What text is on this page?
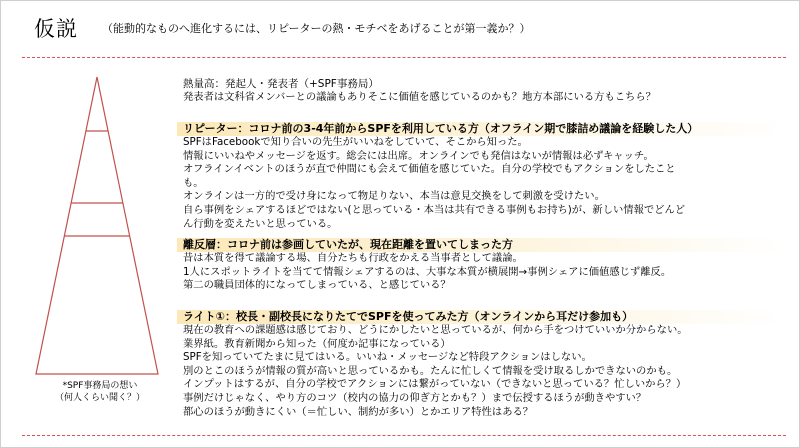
仮説 （能動的なものへ進化するには、リピーターの熱・モチベをあげることが第一義か？）
*SPF事務局の想い
（何人くらい聞く？）
熱量高：発起人・発表者（+SPF事務局）
発表者は文科省メンバーとの議論もありそこに価値を感じているのかも？地方本部にいる方もこちら？
リピーター：コロナ前の3-4年前からSPFを利用している方（オフライン期で膝詰め議論を経験した人）
SPFはFacebookで知り合いの先生がいいねをしていて、そこから知った。
情報にいいねやメッセージを返す。総会には出席。オンラインでも発信はないが情報は必ずキャッチ。
オフラインイベントのほうが直で仲間にも会えて価値を感じていた。自分の学校でもアクションをしたこと
も。
オンラインは一方的で受け身になって物足りない、本当は意見交換をして刺激を受けたい。
自ら事例をシェアするほどではない(と思っている・本当は共有できる事例もお持ち)が、新しい情報でどんど
ん行動を変えたいと思っている。
離反層：コロナ前は参画していたが、現在距離を置いてしまった方
昔は本質を得て議論する場、自分たちも行政をかえる当事者として議論。
1人にスポットライトを当てて情報シェアするのは、大事な本質が横展開→事例シェアに価値感じず離反。
第二の職員団体的になってしまっている、と感じている？
ライト①：校長・副校長になりたてでSPFを使ってみた方（オンラインから耳だけ参加も）
現在の教育への課題感は感じており、どうにかしたいと思っているが、何から手をつけていいか分からない。
業界紙。教育新聞から知った（何度か記事になっている）
SPFを知っていてたまに見てはいる。いいね・メッセージなど特段アクションはしない。
別のとこのほうが情報の質が高いと思っているかも。たんに忙しくて情報を受け取るしかできないのかも。
インプットはするが、自分の学校でアクションには繋がっていない（できないと思っている？忙しいから？）
事例だけじゃなく、やり方のコツ（校内の協力の仰ぎ方とかも？）まで伝授するほうが動きやすい？
都心のほうが動きにくい（＝忙しい、制約が多い）とかエリア特性はある？
